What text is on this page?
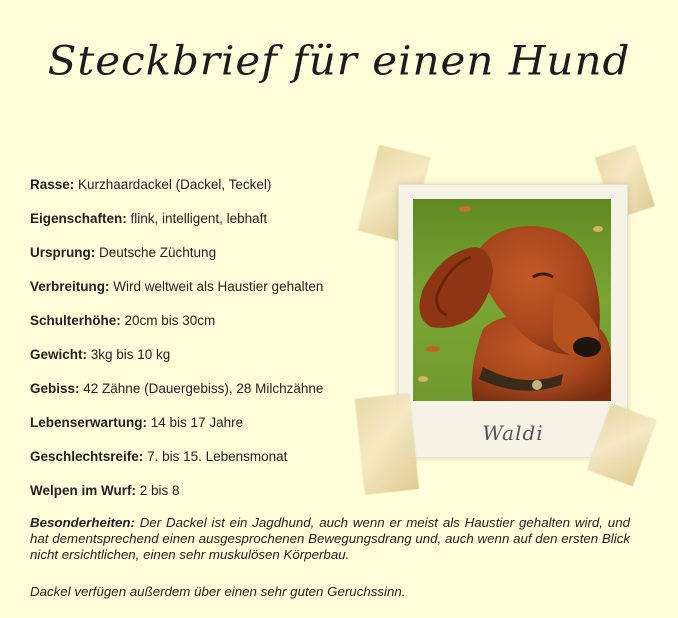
Steckbrief für einen Hund
Rasse: Kurzhaardackel (Dackel, Teckel)
Eigenschaften: flink, intelligent, lebhaft
Ursprung: Deutsche Züchtung
Verbreitung: Wird weltweit als Haustier gehalten
Schulterhöhe: 20cm bis 30cm
Gewicht: 3kg bis 10 kg
Gebiss: 42 Zähne (Dauergebiss), 28 Milchzähne
Lebenserwartung: 14 bis 17 Jahre
Geschlechtsreife: 7. bis 15. Lebensmonat
Welpen im Wurf: 2 bis 8
Besonderheiten: Der Dackel ist ein Jagdhund, auch wenn er meist als Haustier gehalten wird, und hat dementsprechend einen ausgesprochenen Bewegungsdrang und, auch wenn auf den ersten Blick nicht ersichtlichen, einen sehr muskulösen Körperbau.
Dackel verfügen außerdem über einen sehr guten Geruchssinn.
Waldi
